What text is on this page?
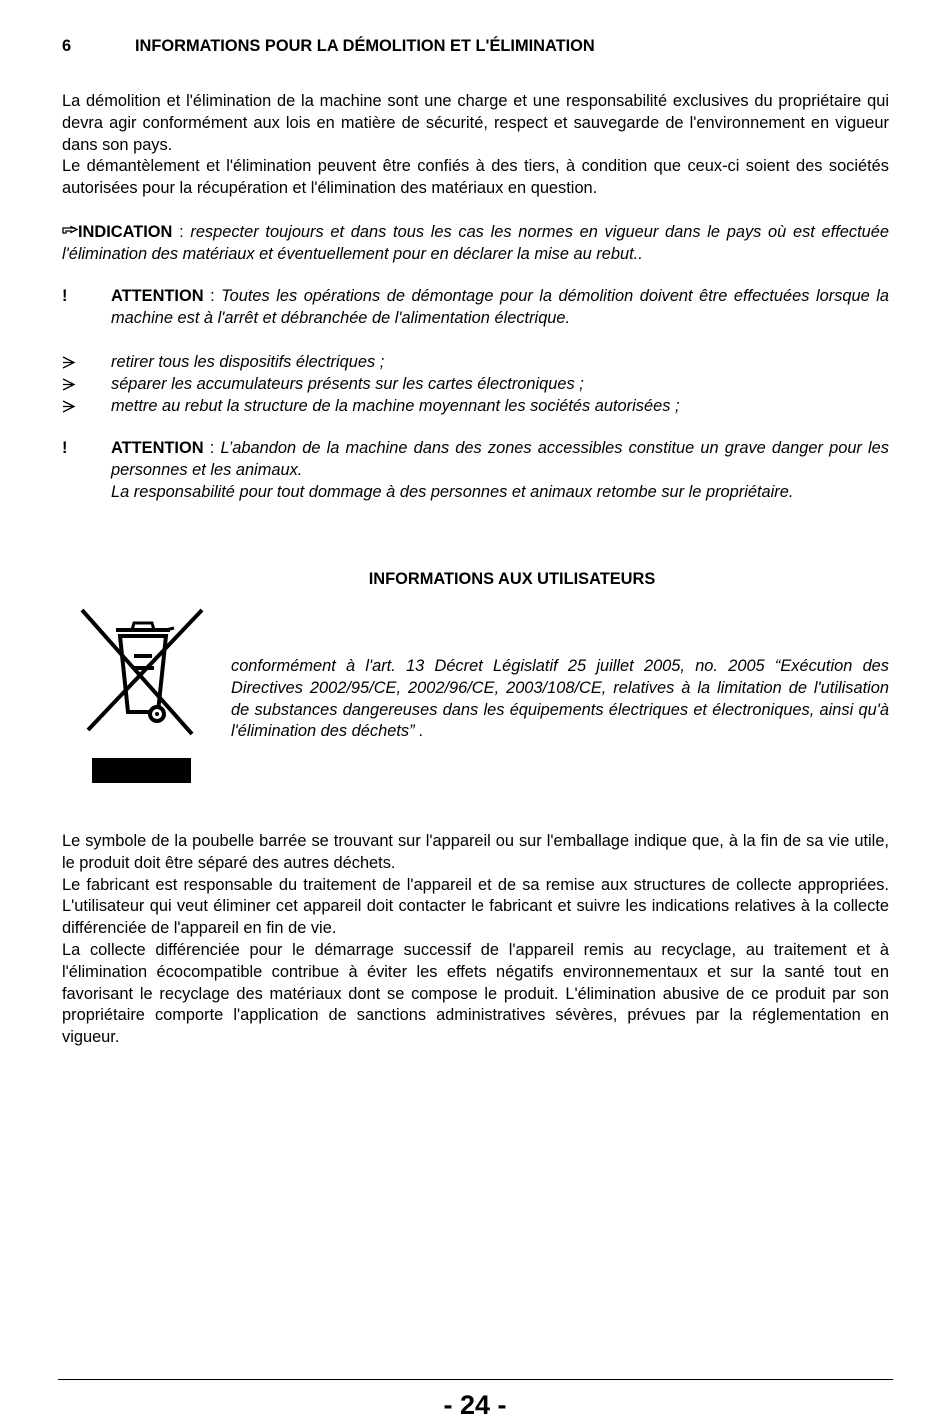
6	INFORMATIONS POUR LA DÉMOLITION ET L'ÉLIMINATION

La démolition et l'élimination de la machine sont une charge et une responsabilité exclusives du propriétaire qui devra agir conformément aux lois en matière de sécurité, respect et sauvegarde de l'environnement en vigueur dans son pays.

Le démantèlement et l'élimination peuvent être confiés à des tiers, à condition que ceux-ci soient des sociétés autorisées pour la récupération et l'élimination des matériaux en question.

INDICATION : respecter toujours et dans tous les cas les normes en vigueur dans le pays où est effectuée l'élimination des matériaux et éventuellement pour en déclarer la mise au rebut..

!	ATTENTION : Toutes les opérations de démontage pour la démolition doivent être effectuées lorsque la machine est à l'arrêt et débranchée de l'alimentation électrique.

retirer tous les dispositifs électriques ;
séparer les accumulateurs présents sur les cartes électroniques ;
mettre au rebut la structure de la machine moyennant les sociétés autorisées ;
!	ATTENTION : L’abandon de la machine dans des zones accessibles constitue un grave danger pour les personnes et les animaux.

La responsabilité pour tout dommage à des personnes et animaux retombe sur le propriétaire.

INFORMATIONS AUX UTILISATEURS
conformément à l'art. 13 Décret Législatif 25 juillet 2005, no. 2005 “Exécution des Directives 2002/95/CE, 2002/96/CE, 2003/108/CE, relatives à la limitation de l'utilisation de substances dangereuses dans les équipements électriques et électroniques, ainsi qu'à l'élimination des déchets” .

Le symbole de la poubelle barrée se trouvant sur l'appareil ou sur l'emballage indique que, à la fin de sa vie utile, le produit doit être séparé des autres déchets.

Le fabricant est responsable du traitement de l'appareil et de sa remise aux structures de collecte appropriées. L'utilisateur qui veut éliminer cet appareil doit contacter le fabricant et suivre les indications relatives à la collecte différenciée de l'appareil en fin de vie.

La collecte différenciée pour le démarrage successif de l'appareil remis au recyclage, au traitement et à l'élimination écocompatible contribue à éviter les effets négatifs environnementaux et sur la santé tout en favorisant le recyclage des matériaux dont se compose le produit. L'élimination abusive de ce produit par son propriétaire comporte l'application de sanctions administratives sévères, prévues par la réglementation en vigueur.

- 24 -
